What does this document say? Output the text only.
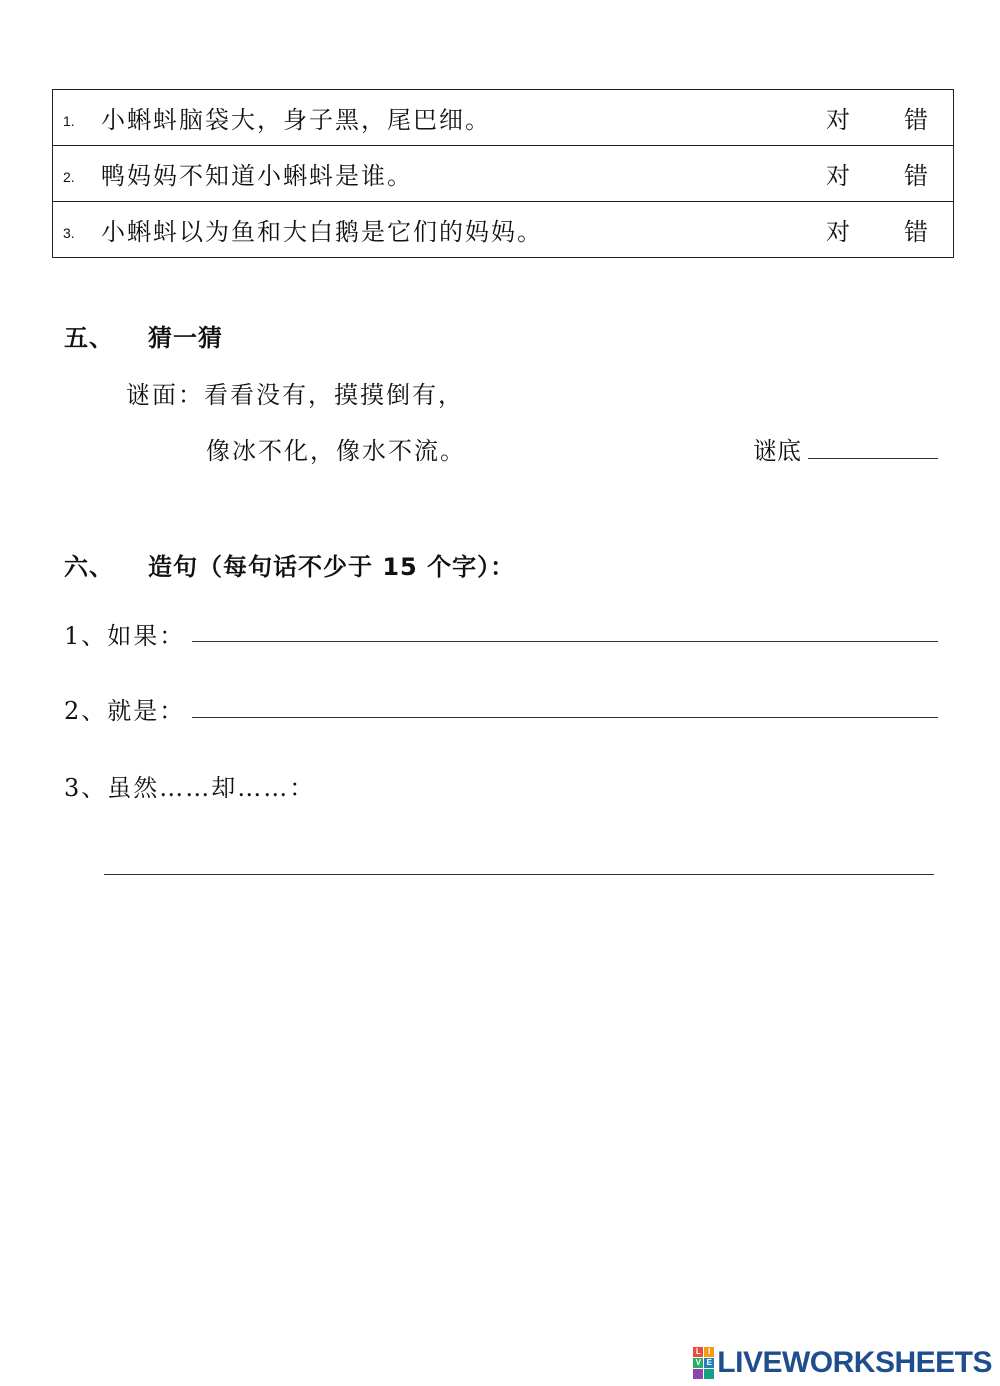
1. 小蝌蚪脑袋大，身子黑，尾巴细。	对 错

2. 鸭妈妈不知道小蝌蚪是谁。	对 错

3. 小蝌蚪以为鱼和大白鹅是它们的妈妈。	对 错
五、 猜一猜
谜面：看看没有，摸摸倒有，
像冰不化，像水不流。	谜底
六、 造句（每句话不少于 15 个字）：
1、如果：
2、就是：
3、虽然……却……：
L I
V E LIVEWORKSHEETS
